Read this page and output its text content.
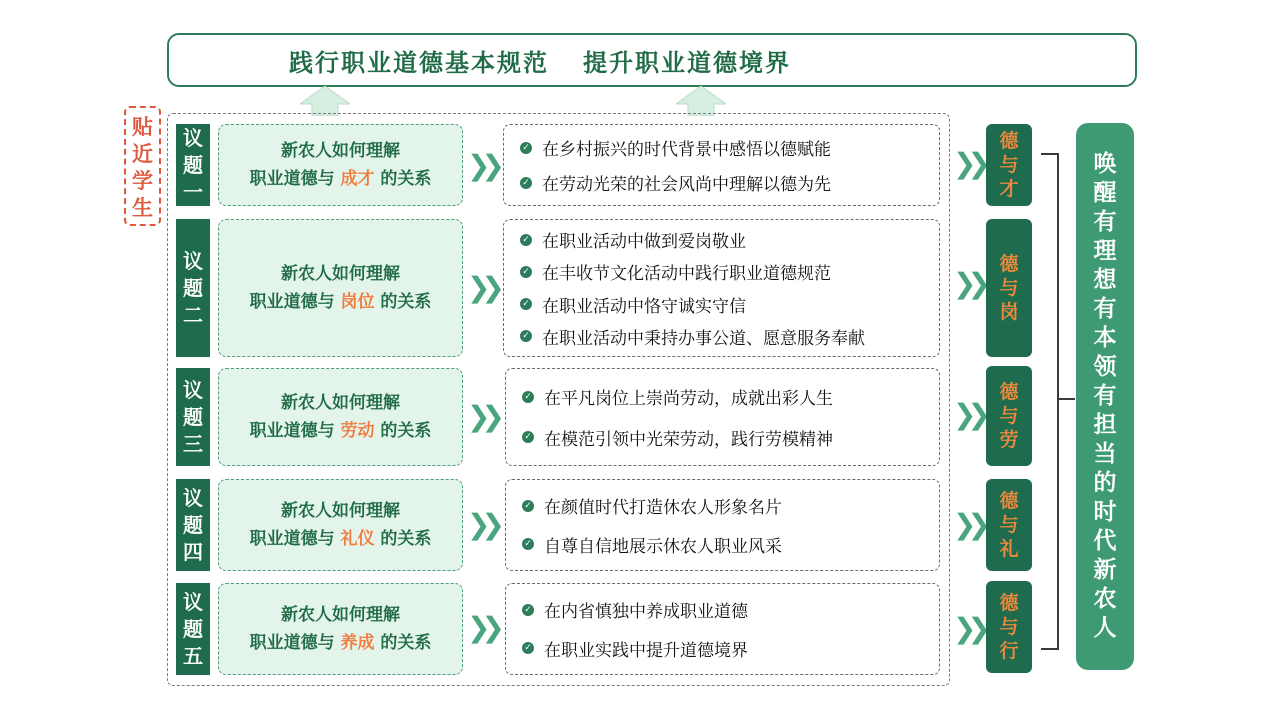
践行职业道德基本规范 提升职业道德境界
贴
近
学
生
议
题
一
新农人如何理解
职业道德与 成才 的关系	❯❯
✓ 在乡村振兴的时代背景中感悟以德赋能
✓ 在劳动光荣的社会风尚中理解以德为先
❯❯
德
与
才
议
题
二
新农人如何理解
职业道德与 岗位 的关系	❯❯
✓ 在职业活动中做到爱岗敬业
✓ 在丰收节文化活动中践行职业道德规范
✓ 在职业活动中恪守诚实守信
✓ 在职业活动中秉持办事公道、愿意服务奉献
❯❯
德
与
岗
议
题
三
新农人如何理解
职业道德与 劳动 的关系	❯❯
✓ 在平凡岗位上崇尚劳动，成就出彩人生
✓ 在模范引领中光荣劳动，践行劳模精神
❯❯
德
与
劳
议
题
四
新农人如何理解
职业道德与 礼仪 的关系	❯❯
✓ 在颜值时代打造休农人形象名片
✓ 自尊自信地展示休农人职业风采
❯❯
德
与
礼
议
题
五
新农人如何理解
职业道德与 养成 的关系	❯❯
✓ 在内省慎独中养成职业道德
✓ 在职业实践中提升道德境界
❯❯
德
与
行
唤
醒
有
理
想
有
本
领
有
担
当
的
时
代
新
农
人
